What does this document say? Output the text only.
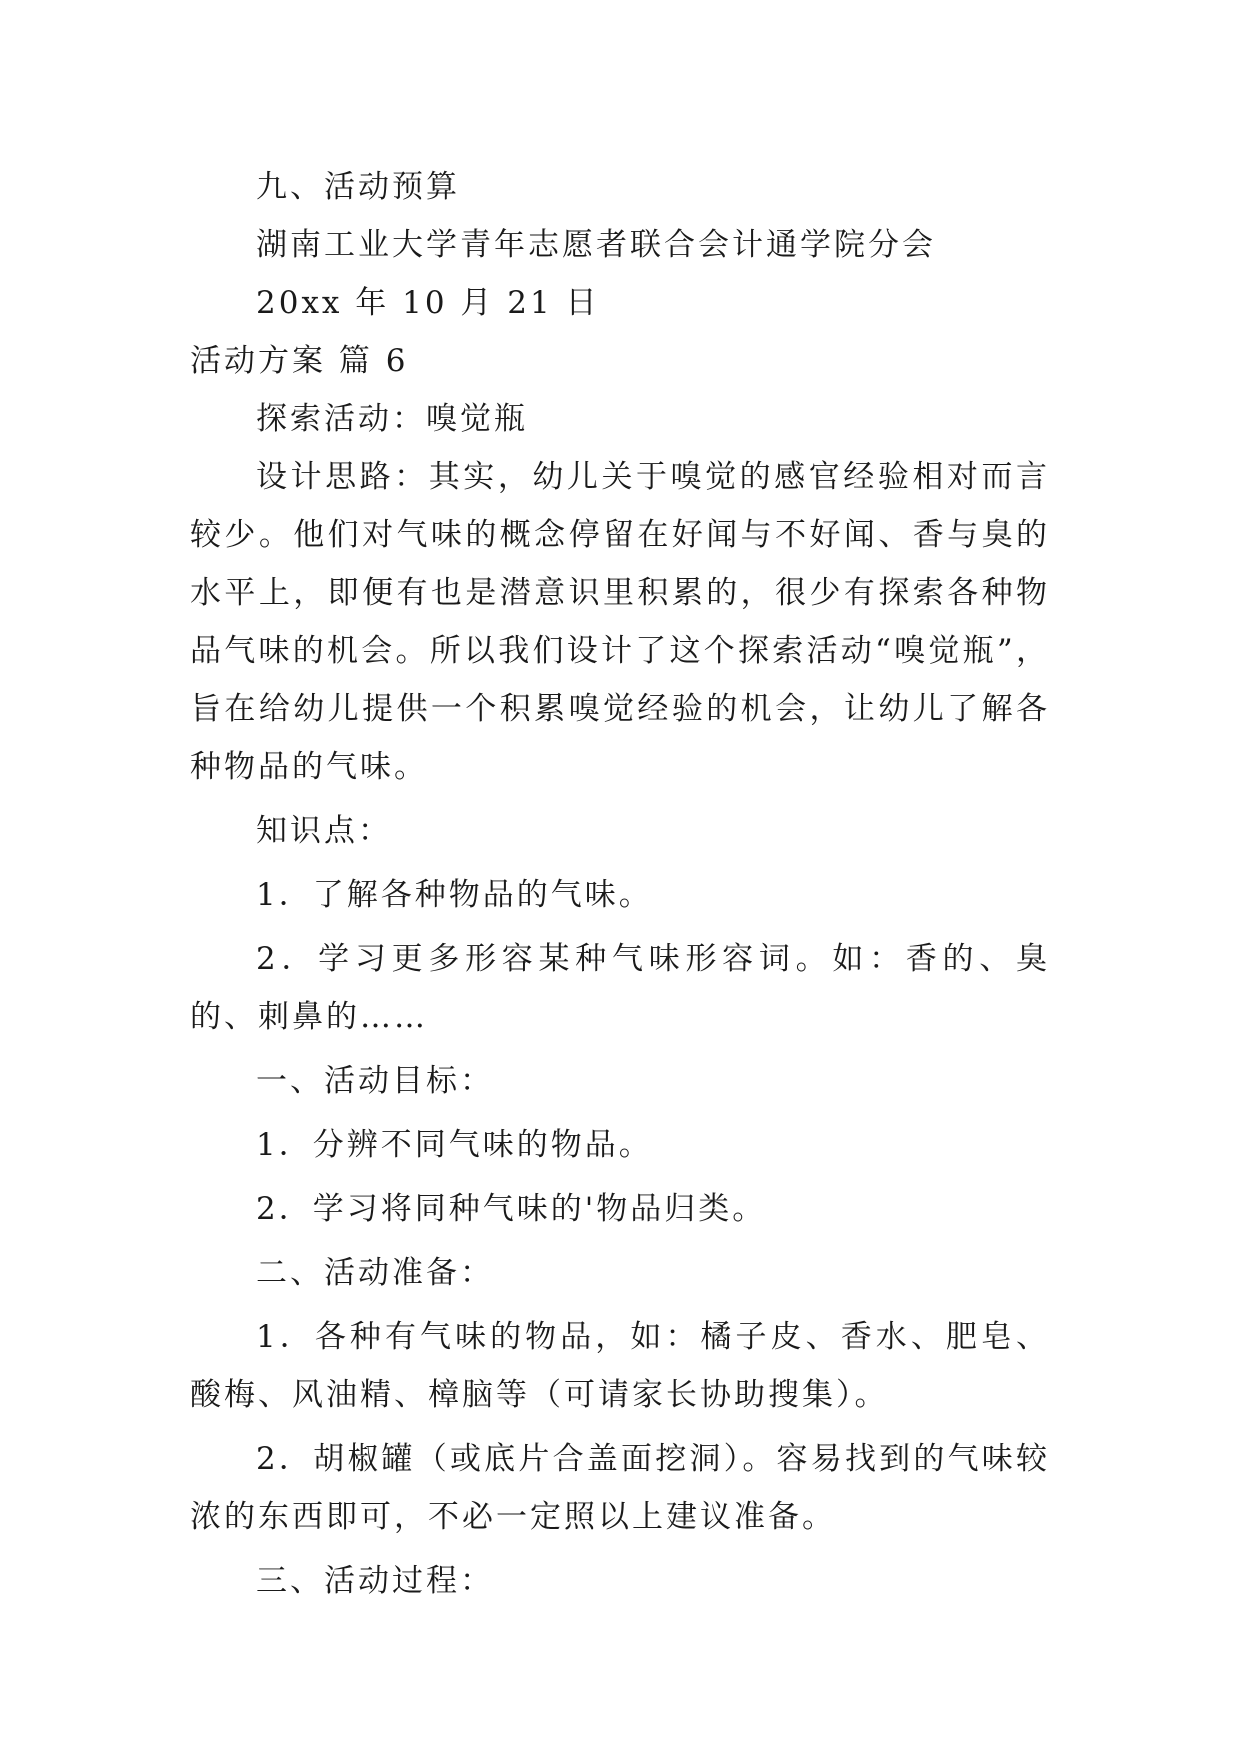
九、活动预算

湖南工业大学青年志愿者联合会计通学院分会

20xx 年 10 月 21 日

活动方案 篇 6

探索活动：嗅觉瓶

设计思路：其实，幼儿关于嗅觉的感官经验相对而言较少。他们对气味的概念停留在好闻与不好闻、香与臭的水平上，即便有也是潜意识里积累的，很少有探索各种物品气味的机会。所以我们设计了这个探索活动“嗅觉瓶”，旨在给幼儿提供一个积累嗅觉经验的机会，让幼儿了解各种物品的气味。

知识点：

1．了解各种物品的气味。

2．学习更多形容某种气味形容词。如：香的、臭的、刺鼻的……

一、活动目标：

1．分辨不同气味的物品。

2．学习将同种气味的'物品归类。

二、活动准备：

1．各种有气味的物品，如：橘子皮、香水、肥皂、酸梅、风油精、樟脑等（可请家长协助搜集）。

2．胡椒罐（或底片合盖面挖洞）。容易找到的气味较浓的东西即可，不必一定照以上建议准备。

三、活动过程：
